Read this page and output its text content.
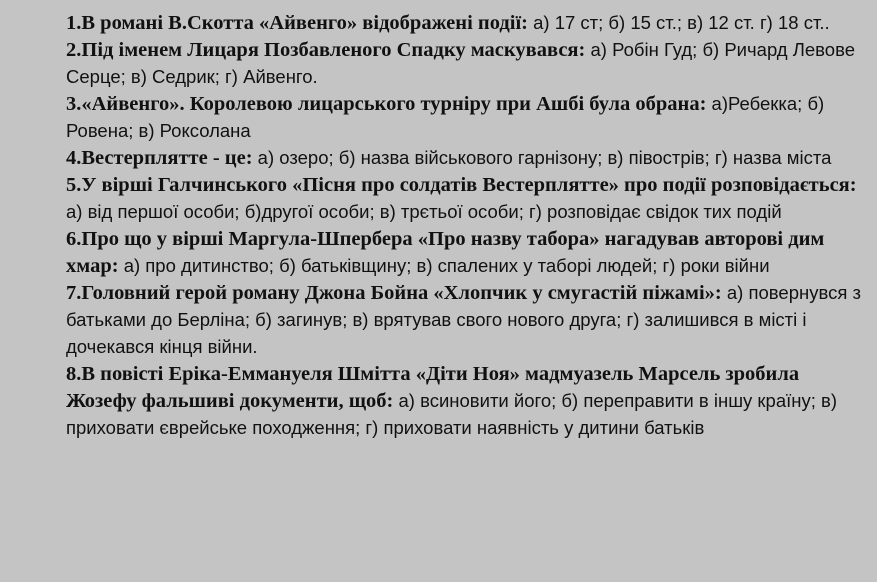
1.В романі В.Скотта «Айвенго» відображені події: а) 17 ст; б) 15 ст.; в) 12 ст. г) 18 ст..

2.Під іменем Лицаря Позбавленого Спадку маскувався: а) Робін Гуд; б) Ричард Левове Серце; в) Седрик; г) Айвенго.

3.«Айвенго». Королевою лицарського турніру при Ашбі була обрана: а)Ребекка; б) Ровена; в) Роксолана

4.Вестерплятте - це: а) озеро; б) назва військового гарнізону; в) півострів; г) назва міста

5.У вірші Галчинського «Пісня про солдатів Вестерплятте» про події розповідається: а) від першої особи; б)другої особи; в) трєтьої особи; г) розповідає свідок тих подій

6.Про що у вірші Маргула-Шпербера «Про назву табора» нагадував авторові дим хмар: а) про дитинство; б) батьківщину; в) спалених у таборі людей; г) роки війни

7.Головний герой роману Джона Бойна «Хлопчик у смугастій піжамі»: а) повернувся з батьками до Берліна; б) загинув; в) врятував свого нового друга; г) залишився в місті і дочекався кінця війни.

8.В повісті Еріка-Еммануеля Шмітта «Діти Ноя» мадмуазель Марсель зробила Жозефу фальшиві документи, щоб: а) всиновити його; б) переправити в іншу країну; в) приховати єврейське походження; г) приховати наявність у дитини батьків
